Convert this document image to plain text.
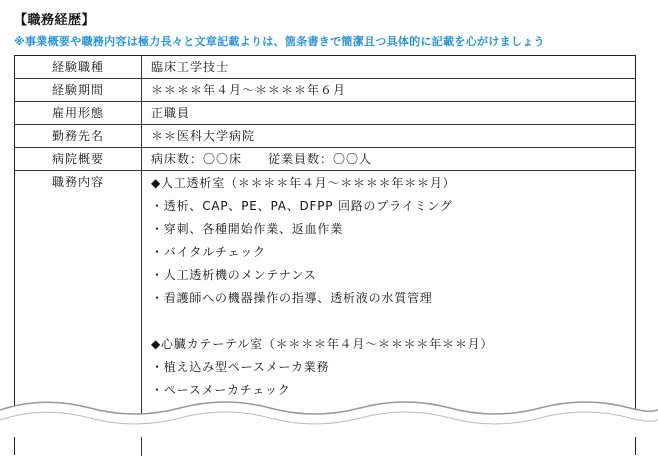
【職務経歴】
※事業概要や職務内容は極力長々と文章記載よりは、箇条書きで簡潔且つ具体的に記載を心がけましょう
経験職種	臨床工学技士
経験期間	＊＊＊＊年４月～＊＊＊＊年６月
雇用形態	正職員
勤務先名	＊＊医科大学病院
病院概要	病床数：〇〇床　　従業員数：〇〇人
職務内容	◆人工透析室（＊＊＊＊年４月～＊＊＊＊年＊＊月）
・透析、CAP、PE、PA、DFPP 回路のプライミング
・穿刺、各種開始作業、返血作業
・バイタルチェック
・人工透析機のメンテナンス
・看護師への機器操作の指導、透析液の水質管理
◆心臓カテーテル室（＊＊＊＊年４月～＊＊＊＊年＊＊月）
・植え込み型ペースメーカ業務
・ペースメーカチェック
